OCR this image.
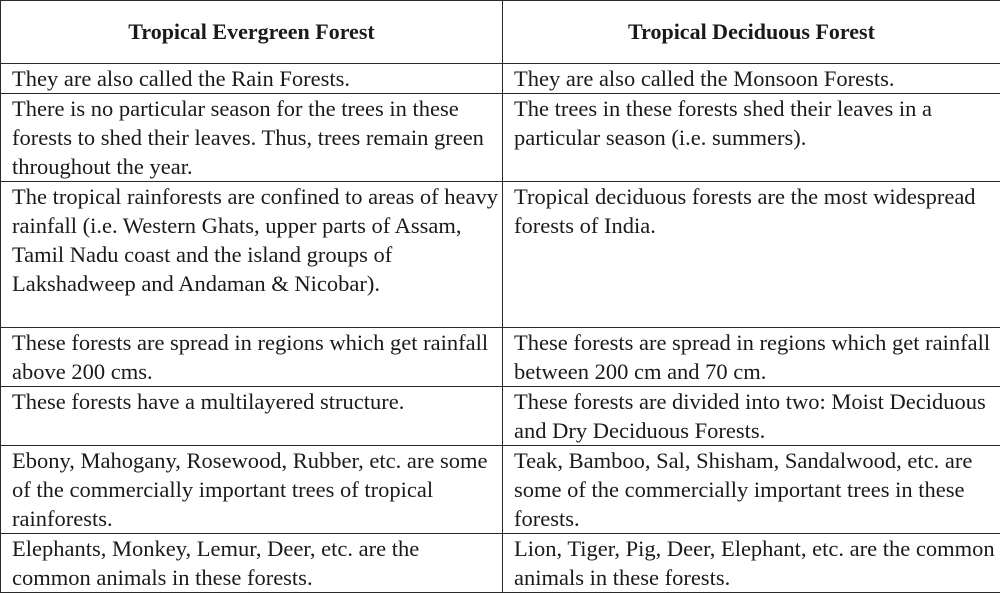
Tropical Evergreen Forest	Tropical Deciduous Forest
They are also called the Rain Forests.	They are also called the Monsoon Forests.
There is no particular season for the trees in these forests to shed their leaves. Thus, trees remain green throughout the year.	The trees in these forests shed their leaves in a particular season (i.e. summers).
The tropical rainforests are confined to areas of heavy rainfall (i.e. Western Ghats, upper parts of Assam, Tamil Nadu coast and the island groups of Lakshadweep and Andaman & Nicobar).	Tropical deciduous forests are the most widespread forests of India.
These forests are spread in regions which get rainfall above 200 cms.	These forests are spread in regions which get rainfall between 200 cm and 70 cm.
These forests have a multilayered structure.	These forests are divided into two: Moist Deciduous and Dry Deciduous Forests.
Ebony, Mahogany, Rosewood, Rubber, etc. are some of the commercially important trees of tropical rainforests.	Teak, Bamboo, Sal, Shisham, Sandalwood, etc. are some of the commercially important trees in these forests.
Elephants, Monkey, Lemur, Deer, etc. are the common animals in these forests.	Lion, Tiger, Pig, Deer, Elephant, etc. are the common animals in these forests.
